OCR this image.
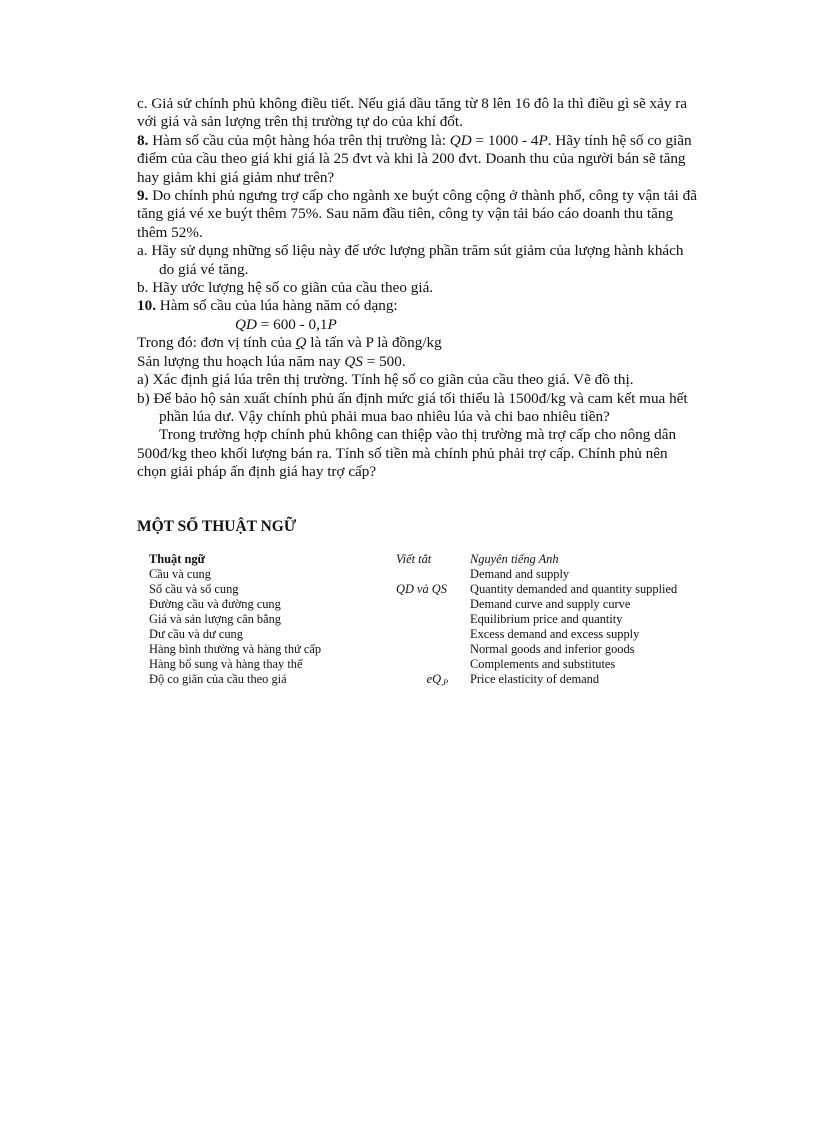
c. Giả sử chính phủ không điều tiết. Nếu giá dầu tăng từ 8 lên 16 đô la thì điều gì sẽ xảy ra với giá và sản lượng trên thị trường tự do của khí đốt.

8. Hàm số cầu của một hàng hóa trên thị trường là: QD = 1000 - 4P. Hãy tính hệ số co giãn điểm của cầu theo giá khi giá là 25 đvt và khi là 200 đvt. Doanh thu của người bán sẽ tăng hay giảm khi giá giảm như trên?

9. Do chính phủ ngưng trợ cấp cho ngành xe buýt công cộng ở thành phố, công ty vận tải đã tăng giá vé xe buýt thêm 75%. Sau năm đầu tiên, công ty vận tải báo cáo doanh thu tăng thêm 52%.

a. Hãy sử dụng những số liệu này để ước lượng phần trăm sút giảm của lượng hành khách do giá vé tăng.

b. Hãy ước lượng hệ số co giãn của cầu theo giá.

10. Hàm số cầu của lúa hàng năm có dạng:

QD = 600 - 0,1P

Trong đó: đơn vị tính của Q là tấn và P là đồng/kg

Sản lượng thu hoạch lúa năm nay QS = 500.

a) Xác định giá lúa trên thị trường. Tính hệ số co giãn của cầu theo giá. Vẽ đồ thị.

b) Để bảo hộ sản xuất chính phủ ấn định mức giá tối thiểu là 1500đ/kg và cam kết mua hết phần lúa dư. Vậy chính phủ phải mua bao nhiêu lúa và chi bao nhiêu tiền?

Trong trường hợp chính phủ không can thiệp vào thị trường mà trợ cấp cho nông dân 500đ/kg theo khối lượng bán ra. Tính số tiền mà chính phủ phải trợ cấp. Chính phủ nên chọn giải pháp ấn định giá hay trợ cấp?

MỘT SỐ THUẬT NGỮ
Thuật ngữ	Viết tắt	Nguyên tiếng Anh
Cầu và cung		Demand and supply
Số cầu và số cung	QD và QS	Quantity demanded and quantity supplied
Đường cầu và đường cung		Demand curve and supply curve
Giá và sản lượng cân bằng		Equilibrium price and quantity
Dư cầu và dư cung		Excess demand and excess supply
Hàng bình thường và hàng thứ cấp		Normal goods and inferior goods
Hàng bổ sung và hàng thay thế		Complements and substitutes
Độ co giãn của cầu theo giá	$eQ_{,P}$	Price elasticity of demand
